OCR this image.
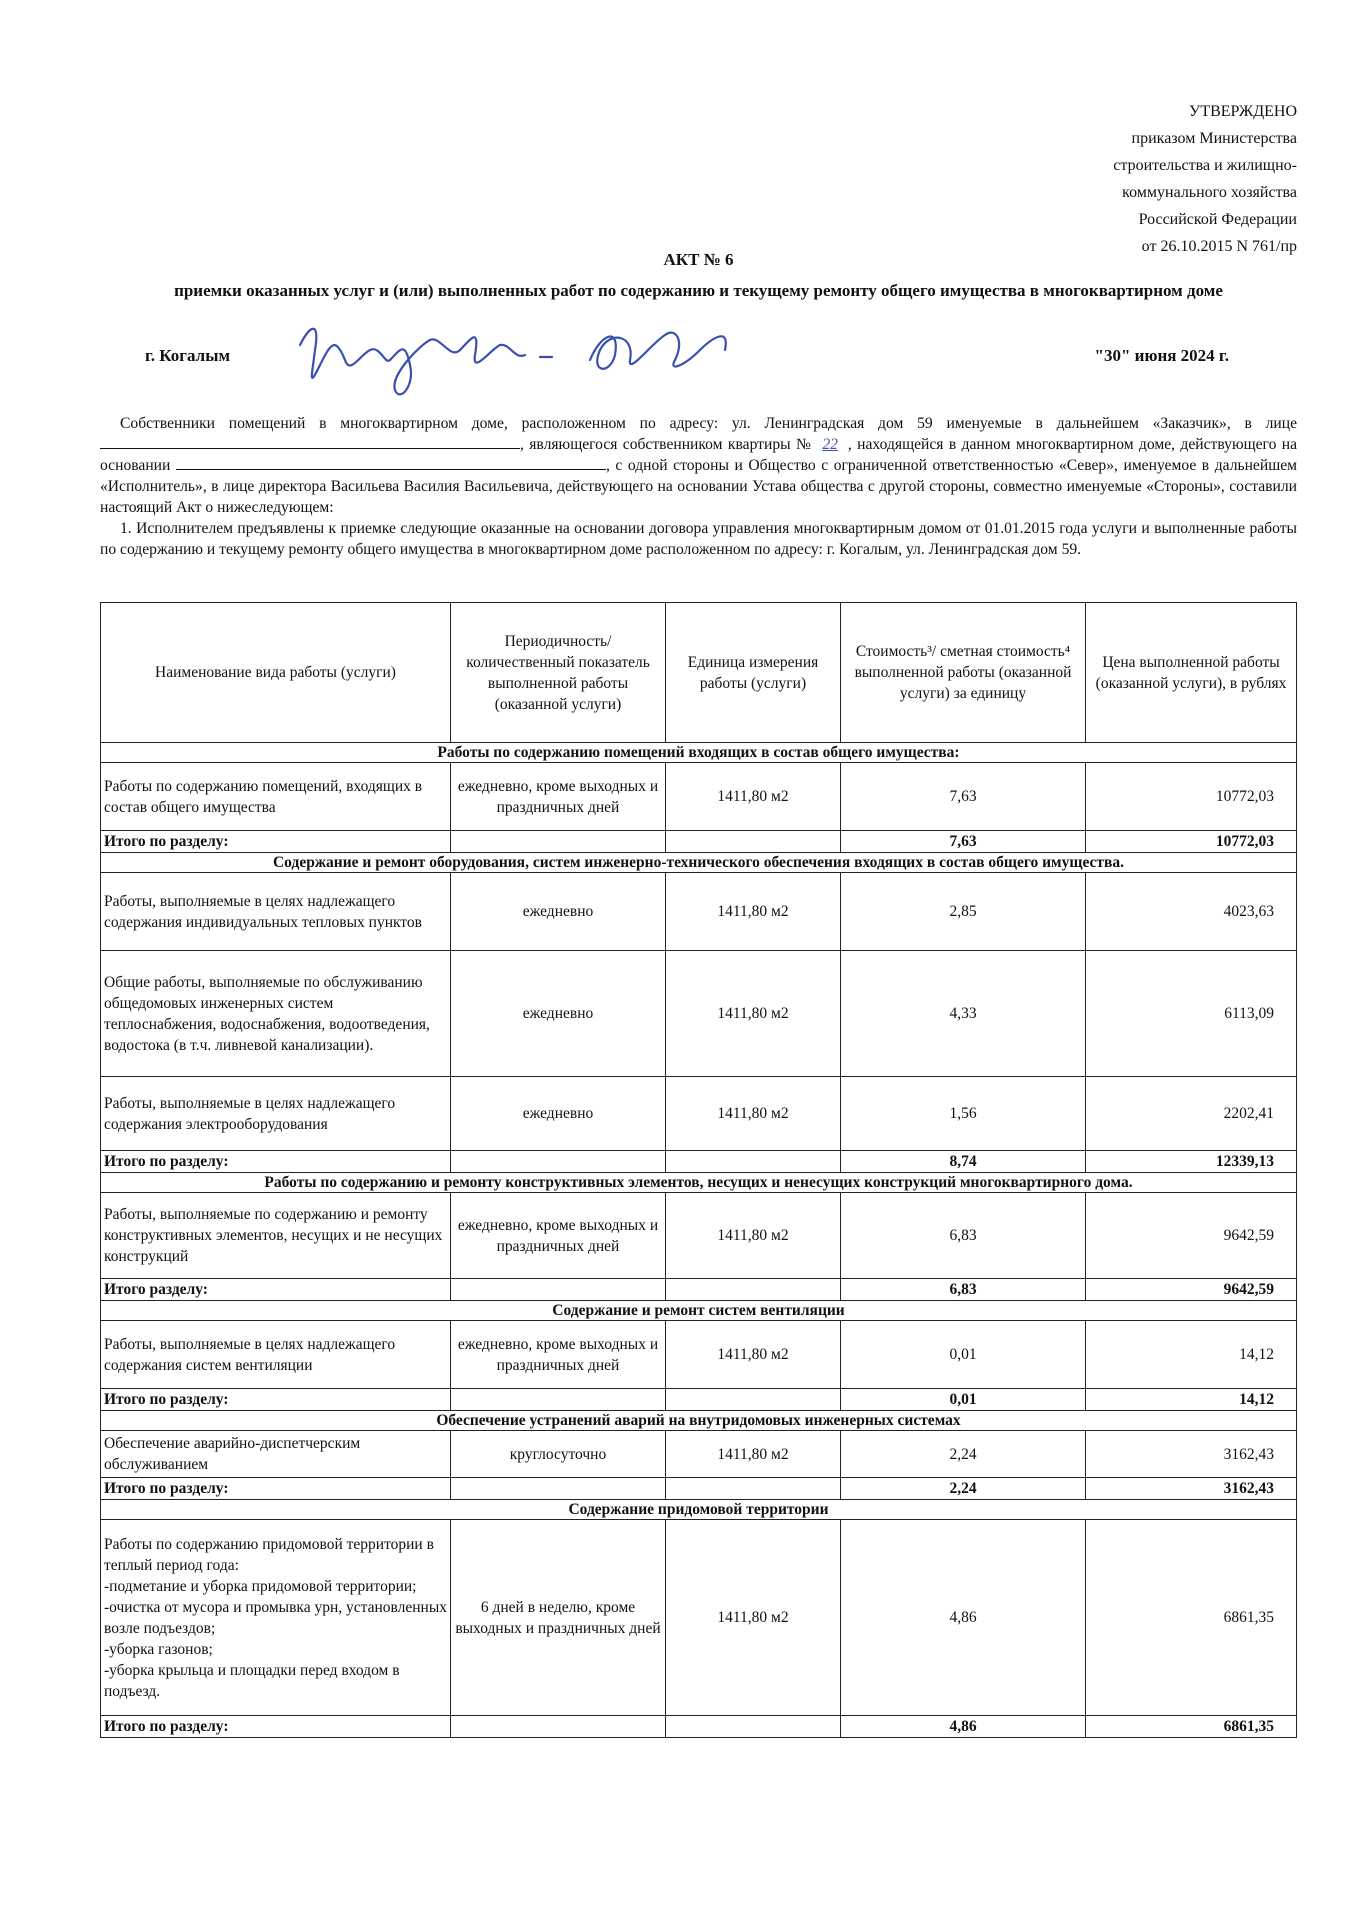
УТВЕРЖДЕНО
приказом Министерства
строительства и жилищно-
коммунального хозяйства
Российской Федерации
от 26.10.2015 N 761/пр
АКТ № 6
приемки оказанных услуг и (или) выполненных работ по содержанию и текущему ремонту общего имущества в многоквартирном доме
г. Когалым	"30" июня 2024 г.

Собственники помещений в многоквартирном доме, расположенном по адресу: ул. Ленинградская дом 59 именуемые в дальнейшем «Заказчик», в лице , являющегося собственником квартиры № 22 , находящейся в данном многоквартирном доме, действующего на основании	, с одной стороны и Общество с ограниченной ответственностью «Север», именуемое в дальнейшем «Исполнитель», в лице директора Васильева Василия Васильевича, действующего на основании Устава общества с другой стороны, совместно именуемые «Стороны», составили настоящий Акт о нижеследующем:

1. Исполнителем предъявлены к приемке следующие оказанные на основании договора управления многоквартирным домом от 01.01.2015 года услуги и выполненные работы по содержанию и текущему ремонту общего имущества в многоквартирном доме расположенном по адресу: г. Когалым, ул. Ленинградская дом 59.

Наименование вида работы (услуги)	Периодичность/ количественный показатель выполненной работы (оказанной услуги)	Единица измерения работы (услуги)	Стоимость³/ сметная стоимость⁴ выполненной работы (оказанной услуги) за единицу	Цена выполненной работы (оказанной услуги), в рублях
Работы по содержанию помещений входящих в состав общего имущества:				
Работы по содержанию помещений, входящих в состав общего имущества	ежедневно, кроме выходных и праздничных дней	1411,80 м2	7,63	10772,03
Итого по разделу:			7,63	10772,03
Содержание и ремонт оборудования, систем инженерно-технического обеспечения входящих в состав общего имущества.				
Работы, выполняемые в целях надлежащего содержания индивидуальных тепловых пунктов	ежедневно	1411,80 м2	2,85	4023,63
Общие работы, выполняемые по обслуживанию общедомовых инженерных систем теплоснабжения, водоснабжения, водоотведения, водостока (в т.ч. ливневой канализации).	ежедневно	1411,80 м2	4,33	6113,09
Работы, выполняемые в целях надлежащего содержания электрооборудования	ежедневно	1411,80 м2	1,56	2202,41
Итого по разделу:			8,74	12339,13
Работы по содержанию и ремонту конструктивных элементов, несущих и ненесущих конструкций многоквартирного дома.				
Работы, выполняемые по содержанию и ремонту конструктивных элементов, несущих и не несущих конструкций	ежедневно, кроме выходных и праздничных дней	1411,80 м2	6,83	9642,59
Итого разделу:			6,83	9642,59
Содержание и ремонт систем вентиляции				
Работы, выполняемые в целях надлежащего содержания систем вентиляции	ежедневно, кроме выходных и праздничных дней	1411,80 м2	0,01	14,12
Итого по разделу:			0,01	14,12
Обеспечение устранений аварий на внутридомовых инженерных системах				
Обеспечение аварийно-диспетчерским обслуживанием	круглосуточно	1411,80 м2	2,24	3162,43
Итого по разделу:			2,24	3162,43
Содержание придомовой территории				
Работы по содержанию придомовой территории в теплый период года:
-подметание и уборка придомовой территории;
-очистка от мусора и промывка урн, установленных возле подъездов;
-уборка газонов;
-уборка крыльца и площадки перед входом в подъезд.	6 дней в неделю, кроме выходных и праздничных дней	1411,80 м2	4,86	6861,35
Итого по разделу:			4,86	6861,35
